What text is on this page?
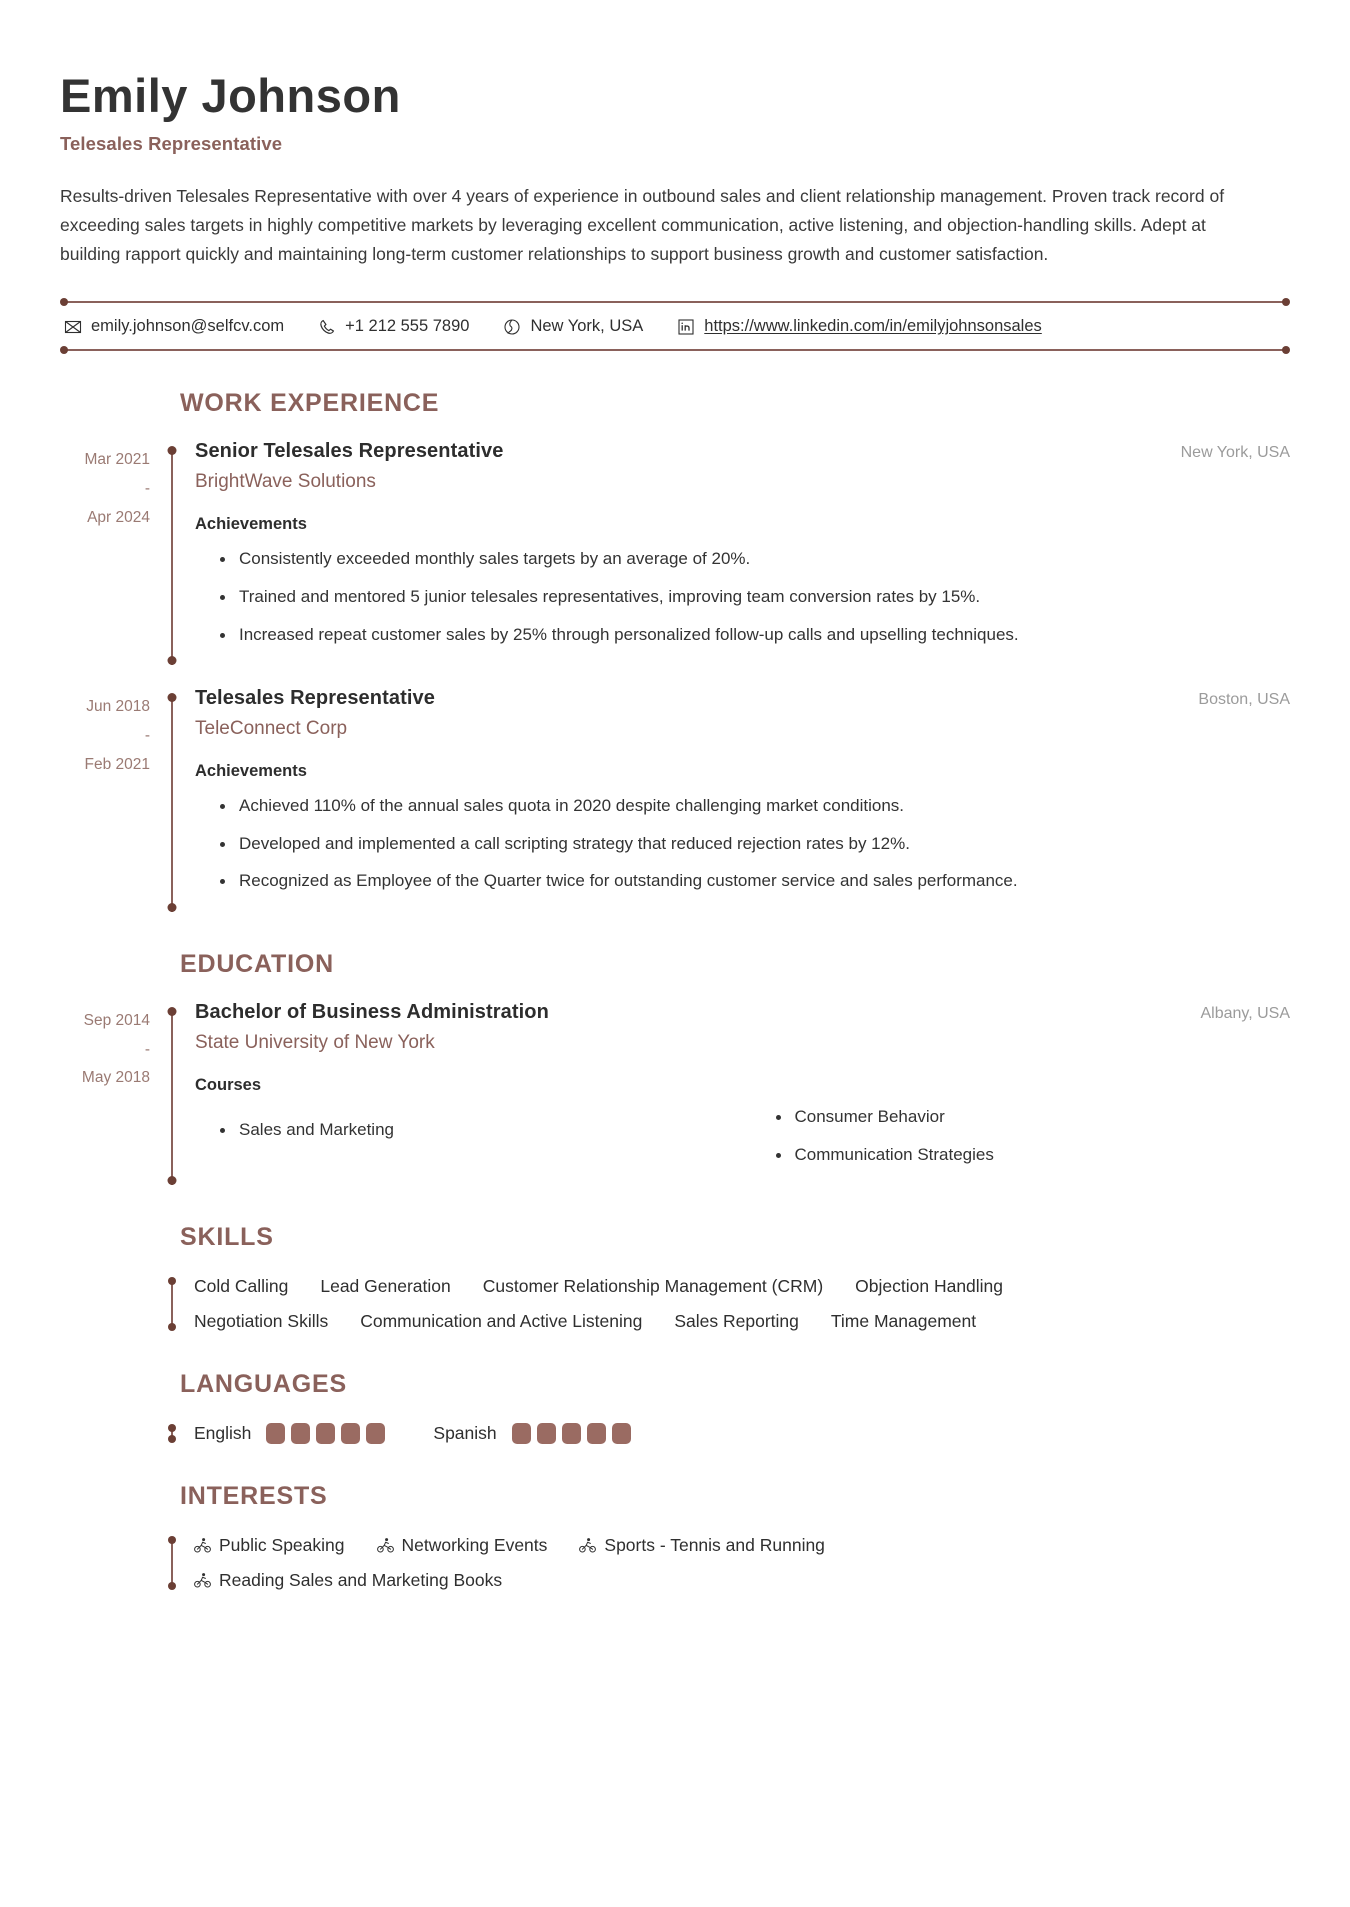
Emily Johnson
Telesales Representative

Results-driven Telesales Representative with over 4 years of experience in outbound sales and client relationship management. Proven track record of exceeding sales targets in highly competitive markets by leveraging excellent communication, active listening, and objection-handling skills. Adept at building rapport quickly and maintaining long-term customer relationships to support business growth and customer satisfaction.

emily.johnson@selfcv.com	+1 212 555 7890	New York, USA	https://www.linkedin.com/in/emilyjohnsonsales
WORK EXPERIENCE
Mar 2021
-
Apr 2024
Senior Telesales Representative	New York, USA
BrightWave Solutions
Achievements
Consistently exceeded monthly sales targets by an average of 20%.
Trained and mentored 5 junior telesales representatives, improving team conversion rates by 15%.
Increased repeat customer sales by 25% through personalized follow-up calls and upselling techniques.
Jun 2018
-
Feb 2021
Telesales Representative	Boston, USA
TeleConnect Corp
Achievements
Achieved 110% of the annual sales quota in 2020 despite challenging market conditions.
Developed and implemented a call scripting strategy that reduced rejection rates by 12%.
Recognized as Employee of the Quarter twice for outstanding customer service and sales performance.
EDUCATION
Sep 2014
-
May 2018
Bachelor of Business Administration	Albany, USA
State University of New York
Courses
Sales and Marketing
Consumer Behavior
Communication Strategies
SKILLS
Cold Calling Lead Generation Customer Relationship Management (CRM) Objection Handling
Negotiation Skills Communication and Active Listening Sales Reporting Time Management
LANGUAGES
English	Spanish
INTERESTS
Public Speaking	Networking Events	Sports - Tennis and Running
Reading Sales and Marketing Books
